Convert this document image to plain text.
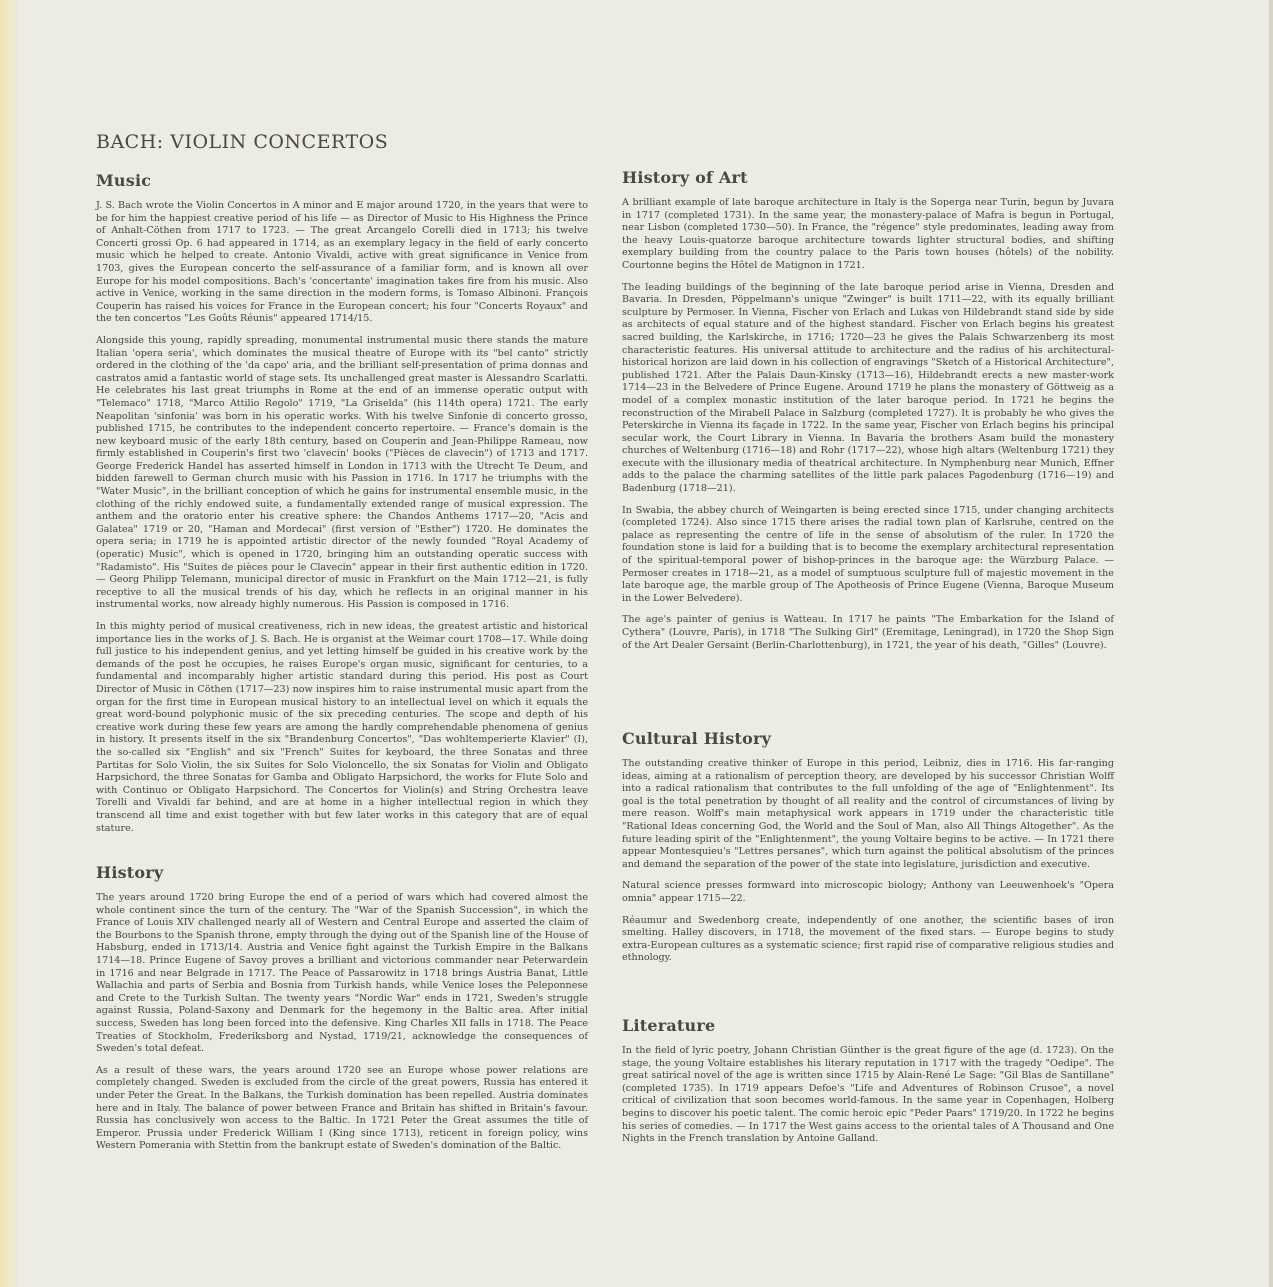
BACH: VIOLIN CONCERTOS
Music

J. S. Bach wrote the Violin Concertos in A minor and E major around 1720, in the years that were to be for him the happiest creative period of his life — as Director of Music to His Highness the Prince of Anhalt-Cöthen from 1717 to 1723. — The great Arcangelo Corelli died in 1713; his twelve Concerti grossi Op. 6 had appeared in 1714, as an exemplary legacy in the field of early concerto music which he helped to create. Antonio Vivaldi, active with great significance in Venice from 1703, gives the European concerto the self-assurance of a familiar form, and is known all over Europe for his model compositions. Bach's 'concertante' imagination takes fire from his music. Also active in Venice, working in the same direction in the modern forms, is Tomaso Albinoni. François Couperin has raised his voices for France in the European concert; his four "Concerts Royaux" and the ten concertos "Les Goûts Réunis" appeared 1714/15.

Alongside this young, rapidly spreading, monumental instrumental music there stands the mature Italian 'opera seria', which dominates the musical theatre of Europe with its "bel canto" strictly ordered in the clothing of the 'da capo' aria, and the brilliant self-presentation of prima donnas and castratos amid a fantastic world of stage sets. Its unchallenged great master is Alessandro Scarlatti. He celebrates his last great triumphs in Rome at the end of an immense operatic output with "Telemaco" 1718, "Marco Attilio Regolo" 1719, "La Griselda" (his 114th opera) 1721. The early Neapolitan 'sinfonia' was born in his operatic works. With his twelve Sinfonie di concerto grosso, published 1715, he contributes to the independent concerto repertoire. — France's domain is the new keyboard music of the early 18th century, based on Couperin and Jean-Philippe Rameau, now firmly established in Couperin's first two 'clavecin' books ("Pièces de clavecin") of 1713 and 1717. George Frederick Handel has asserted himself in London in 1713 with the Utrecht Te Deum, and bidden farewell to German church music with his Passion in 1716. In 1717 he triumphs with the "Water Music", in the brilliant conception of which he gains for instrumental ensemble music, in the clothing of the richly endowed suite, a fundamentally extended range of musical expression. The anthem and the oratorio enter his creative sphere: the Chandos Anthems 1717—20, "Acis and Galatea" 1719 or 20, "Haman and Mordecai" (first version of "Esther") 1720. He dominates the opera seria; in 1719 he is appointed artistic director of the newly founded "Royal Academy of (operatic) Music", which is opened in 1720, bringing him an outstanding operatic success with "Radamisto". His "Suites de pièces pour le Clavecin" appear in their first authentic edition in 1720. — Georg Philipp Telemann, municipal director of music in Frankfurt on the Main 1712—21, is fully receptive to all the musical trends of his day, which he reflects in an original manner in his instrumental works, now already highly numerous. His Passion is composed in 1716.

In this mighty period of musical creativeness, rich in new ideas, the greatest artistic and historical importance lies in the works of J. S. Bach. He is organist at the Weimar court 1708—17. While doing full justice to his independent genius, and yet letting himself be guided in his creative work by the demands of the post he occupies, he raises Europe's organ music, significant for centuries, to a fundamental and incomparably higher artistic standard during this period. His post as Court Director of Music in Cöthen (1717—23) now inspires him to raise instrumental music apart from the organ for the first time in European musical history to an intellectual level on which it equals the great word-bound polyphonic music of the six preceding centuries. The scope and depth of his creative work during these few years are among the hardly comprehendable phenomena of genius in history. It presents itself in the six "Brandenburg Concertos", "Das wohltemperierte Klavier" (I), the so-called six "English" and six "French" Suites for keyboard, the three Sonatas and three Partitas for Solo Violin, the six Suites for Solo Violoncello, the six Sonatas for Violin and Obligato Harpsichord, the three Sonatas for Gamba and Obligato Harpsichord, the works for Flute Solo and with Continuo or Obligato Harpsichord. The Concertos for Violin(s) and String Orchestra leave Torelli and Vivaldi far behind, and are at home in a higher intellectual region in which they transcend all time and exist together with but few later works in this category that are of equal stature.

History

The years around 1720 bring Europe the end of a period of wars which had covered almost the whole continent since the turn of the century. The "War of the Spanish Succession", in which the France of Louis XIV challenged nearly all of Western and Central Europe and asserted the claim of the Bourbons to the Spanish throne, empty through the dying out of the Spanish line of the House of Habsburg, ended in 1713/14. Austria and Venice fight against the Turkish Empire in the Balkans 1714—18. Prince Eugene of Savoy proves a brilliant and victorious commander near Peterwardein in 1716 and near Belgrade in 1717. The Peace of Passarowitz in 1718 brings Austria Banat, Little Wallachia and parts of Serbia and Bosnia from Turkish hands, while Venice loses the Peleponnese and Crete to the Turkish Sultan. The twenty years "Nordic War" ends in 1721, Sweden's struggle against Russia, Poland-Saxony and Denmark for the hegemony in the Baltic area. After initial success, Sweden has long been forced into the defensive. King Charles XII falls in 1718. The Peace Treaties of Stockholm, Frederiksborg and Nystad, 1719/21, acknowledge the consequences of Sweden's total defeat.

As a result of these wars, the years around 1720 see an Europe whose power relations are completely changed. Sweden is excluded from the circle of the great powers, Russia has entered it under Peter the Great. In the Balkans, the Turkish domination has been repelled. Austria dominates here and in Italy. The balance of power between France and Britain has shifted in Britain's favour. Russia has conclusively won access to the Baltic. In 1721 Peter the Great assumes the title of Emperor. Prussia under Frederick William I (King since 1713), reticent in foreign policy, wins Western Pomerania with Stettin from the bankrupt estate of Sweden's domination of the Baltic.

History of Art

A brilliant example of late baroque architecture in Italy is the Soperga near Turin, begun by Juvara in 1717 (completed 1731). In the same year, the monastery-palace of Mafra is begun in Portugal, near Lisbon (completed 1730—50). In France, the "régence" style predominates, leading away from the heavy Louis-quatorze baroque architecture towards lighter structural bodies, and shifting exemplary building from the country palace to the Paris town houses (hôtels) of the nobility. Courtonne begins the Hôtel de Matignon in 1721.

The leading buildings of the beginning of the late baroque period arise in Vienna, Dresden and Bavaria. In Dresden, Pöppelmann's unique "Zwinger" is built 1711—22, with its equally brilliant sculpture by Permoser. In Vienna, Fischer von Erlach and Lukas von Hildebrandt stand side by side as architects of equal stature and of the highest standard. Fischer von Erlach begins his greatest sacred building, the Karlskirche, in 1716; 1720—23 he gives the Palais Schwarzenberg its most characteristic features. His universal attitude to architecture and the radius of his architectural-historical horizon are laid down in his collection of engravings "Sketch of a Historical Architecture", published 1721. After the Palais Daun-Kinsky (1713—16), Hildebrandt erects a new master-work 1714—23 in the Belvedere of Prince Eugene. Around 1719 he plans the monastery of Göttweig as a model of a complex monastic institution of the later baroque period. In 1721 he begins the reconstruction of the Mirabell Palace in Salzburg (completed 1727). It is probably he who gives the Peterskirche in Vienna its façade in 1722. In the same year, Fischer von Erlach begins his principal secular work, the Court Library in Vienna. In Bavaria the brothers Asam build the monastery churches of Weltenburg (1716—18) and Rohr (1717—22), whose high altars (Weltenburg 1721) they execute with the illusionary media of theatrical architecture. In Nymphenburg near Munich, Effner adds to the palace the charming satellites of the little park palaces Pagodenburg (1716—19) and Badenburg (1718—21).

In Swabia, the abbey church of Weingarten is being erected since 1715, under changing architects (completed 1724). Also since 1715 there arises the radial town plan of Karlsruhe, centred on the palace as representing the centre of life in the sense of absolutism of the ruler. In 1720 the foundation stone is laid for a building that is to become the exemplary architectural representation of the spiritual-temporal power of bishop-princes in the baroque age: the Würzburg Palace. — Permoser creates in 1718—21, as a model of sumptuous sculpture full of majestic movement in the late baroque age, the marble group of The Apotheosis of Prince Eugene (Vienna, Baroque Museum in the Lower Belvedere).

The age's painter of genius is Watteau. In 1717 he paints "The Embarkation for the Island of Cythera" (Louvre, Paris), in 1718 "The Sulking Girl" (Eremitage, Leningrad), in 1720 the Shop Sign of the Art Dealer Gersaint (Berlin-Charlottenburg), in 1721, the year of his death, "Gilles" (Louvre).

Cultural History

The outstanding creative thinker of Europe in this period, Leibniz, dies in 1716. His far-ranging ideas, aiming at a rationalism of perception theory, are developed by his successor Christian Wolff into a radical rationalism that contributes to the full unfolding of the age of "Enlightenment". Its goal is the total penetration by thought of all reality and the control of circumstances of living by mere reason. Wolff's main metaphysical work appears in 1719 under the characteristic title "Rational Ideas concerning God, the World and the Soul of Man, also All Things Altogether". As the future leading spirit of the "Enlightenment", the young Voltaire begins to be active. — In 1721 there appear Montesquieu's "Lettres persanes", which turn against the political absolutism of the princes and demand the separation of the power of the state into legislature, jurisdiction and executive.

Natural science presses formward into microscopic biology; Anthony van Leeuwenhoek's "Opera omnia" appear 1715—22.

Réaumur and Swedenborg create, independently of one another, the scientific bases of iron smelting. Halley discovers, in 1718, the movement of the fixed stars. — Europe begins to study extra-European cultures as a systematic science; first rapid rise of comparative religious studies and ethnology.

Literature

In the field of lyric poetry, Johann Christian Günther is the great figure of the age (d. 1723). On the stage, the young Voltaire establishes his literary reputation in 1717 with the tragedy "Oedipe". The great satirical novel of the age is written since 1715 by Alain-René Le Sage: "Gil Blas de Santillane" (completed 1735). In 1719 appears Defoe's "Life and Adventures of Robinson Crusoe", a novel critical of civilization that soon becomes world-famous. In the same year in Copenhagen, Holberg begins to discover his poetic talent. The comic heroic epic "Peder Paars" 1719/20. In 1722 he begins his series of comedies. — In 1717 the West gains access to the oriental tales of A Thousand and One Nights in the French translation by Antoine Galland.
